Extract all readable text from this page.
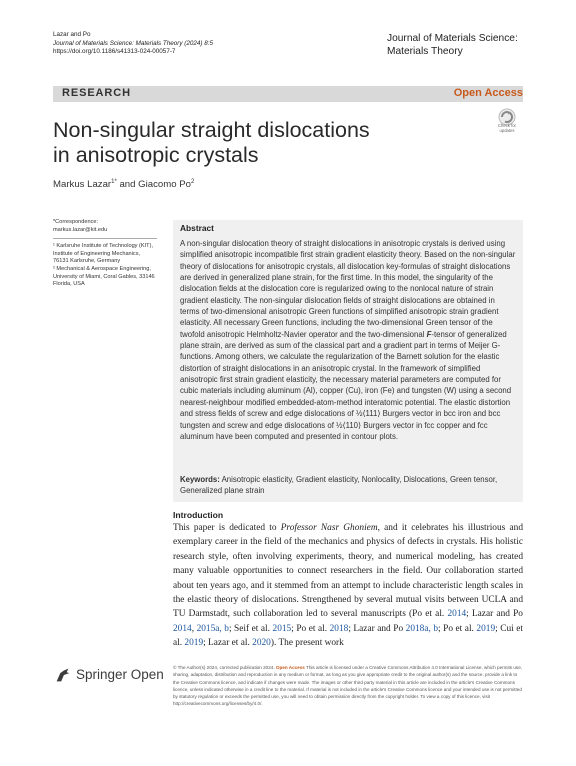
Lazar and Po
Journal of Materials Science: Materials Theory (2024) 8:5
https://doi.org/10.1186/s41313-024-00057-7
Journal of Materials Science:
Materials Theory
RESEARCH	Open Access
Check for
updates
Non-singular straight dislocations
in anisotropic crystals
Markus Lazar$^{1*}$ and Giacomo Po$^2$
*Correspondence:
markus.lazar@kit.edu
¹ Karlsruhe Institute of Technology (KIT), Institute of Engineering Mechanics, 76131 Karlsruhe, Germany
² Mechanical & Aerospace Engineering, University of Miami, Coral Gables, 33146 Florida, USA
Abstract
A non-singular dislocation theory of straight dislocations in anisotropic crystals is derived using simplified anisotropic incompatible first strain gradient elasticity theory. Based on the non-singular theory of dislocations for anisotropic crystals, all dislocation key-formulas of straight dislocations are derived in generalized plane strain, for the first time. In this model, the singularity of the dislocation fields at the dislocation core is regularized owing to the nonlocal nature of strain gradient elasticity. The non-singular dislocation fields of straight dislocations are obtained in terms of two-dimensional anisotropic Green functions of simplified anisotropic strain gradient elasticity. All necessary Green functions, including the two-dimensional Green tensor of the twofold anisotropic Helmholtz-Navier operator and the two-dimensional F-tensor of generalized plane strain, are derived as sum of the classical part and a gradient part in terms of Meijer G-functions. Among others, we calculate the regularization of the Barnett solution for the elastic distortion of straight dislocations in an anisotropic crystal. In the framework of simplified anisotropic first strain gradient elasticity, the necessary material parameters are computed for cubic materials including aluminum (Al), copper (Cu), iron (Fe) and tungsten (W) using a second nearest-neighbour modified embedded-atom-method interatomic potential. The elastic distortion and stress fields of screw and edge dislocations of ½⟨111⟩ Burgers vector in bcc iron and bcc tungsten and screw and edge dislocations of ½⟨110⟩ Burgers vector in fcc copper and fcc aluminum have been computed and presented in contour plots.
Keywords: Anisotropic elasticity, Gradient elasticity, Nonlocality, Dislocations, Green tensor, Generalized plane strain
Introduction
This paper is dedicated to Professor Nasr Ghoniem, and it celebrates his illustrious and exemplary career in the field of the mechanics and physics of defects in crystals. His holistic research style, often involving experiments, theory, and numerical modeling, has created many valuable opportunities to connect researchers in the field. Our collaboration started about ten years ago, and it stemmed from an attempt to include characteristic length scales in the elastic theory of dislocations. Strengthened by several mutual visits between UCLA and TU Darmstadt, such collaboration led to several manuscripts (Po et al. 2014; Lazar and Po 2014, 2015a, b; Seif et al. 2015; Po et al. 2018; Lazar and Po 2018a, b; Po et al. 2019; Cui et al. 2019; Lazar et al. 2020). The present work
Springer Open © The Author(s) 2024, corrected publication 2024. Open Access This article is licensed under a Creative Commons Attribution 4.0 International License, which permits use, sharing, adaptation, distribution and reproduction in any medium or format, as long as you give appropriate credit to the original author(s) and the source, provide a link to the Creative Commons licence, and indicate if changes were made. The images or other third party material in this article are included in the article's Creative Commons licence, unless indicated otherwise in a credit line to the material. If material is not included in the article's Creative Commons licence and your intended use is not permitted by statutory regulation or exceeds the permitted use, you will need to obtain permission directly from the copyright holder. To view a copy of this licence, visit http://creativecommons.org/licenses/by/4.0/.
